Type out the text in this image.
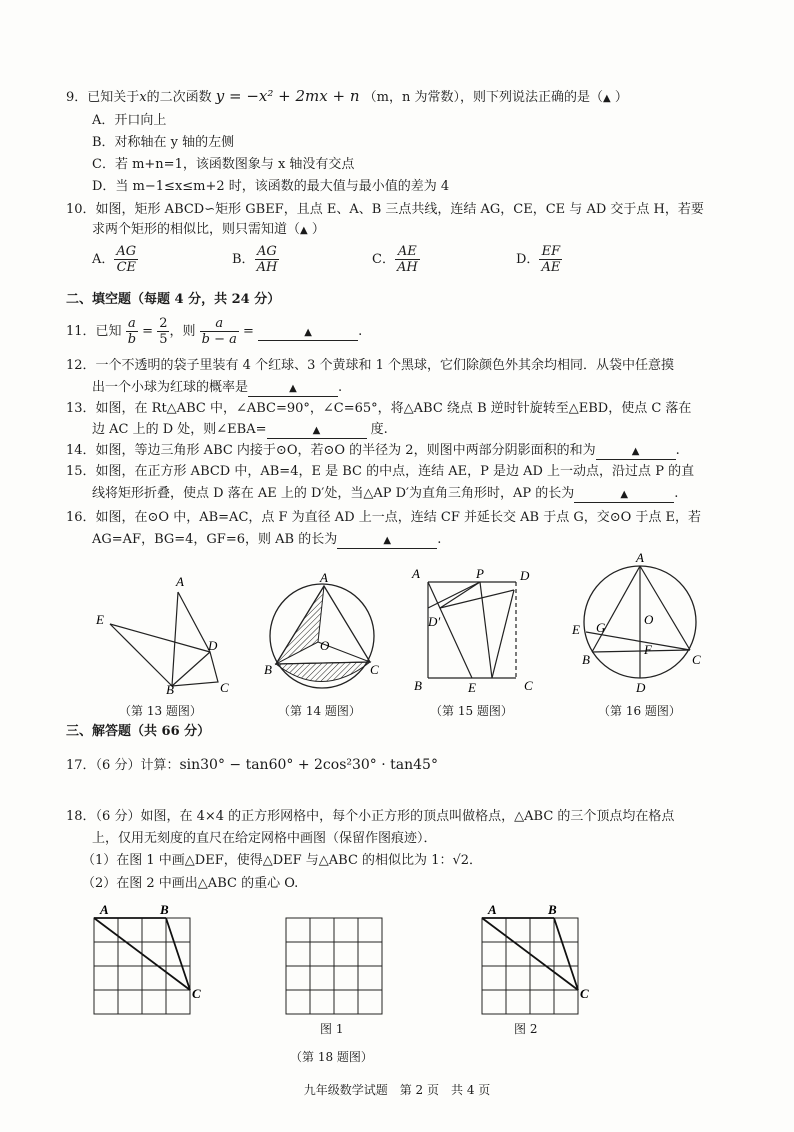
9．已知关于x的二次函数 y = −x² + 2mx + n （m，n 为常数），则下列说法正确的是（▲ ）
A．开口向上
B．对称轴在 y 轴的左侧
C．若 m+n=1，该函数图象与 x 轴没有交点
D．当 m−1≤x≤m+2 时，该函数的最大值与最小值的差为 4
10．如图，矩形 ABCD∽矩形 GBEF，且点 E、A、B 三点共线，连结 AG，CE，CE 与 AD 交于点 H，若要
求两个矩形的相似比，则只需知道（▲ ）
A． $\frac{AG}{CE}$	B． $\frac{AG}{AH}$	C． $\frac{AE}{AH}$	D． $\frac{EF}{AE}$
二、填空题（每题 4 分，共 24 分）
11．已知 $\frac{a}{b} = \frac{2}{5}$ ，则 $\frac{a}{b - a}$ =	▲	.
12．一个不透明的袋子里装有 4 个红球、3 个黄球和 1 个黑球，它们除颜色外其余均相同．从袋中任意摸
出一个小球为红球的概率是	▲	.
13．如图，在 Rt△ABC 中，∠ABC=90°，∠C=65°，将△ABC 绕点 B 逆时针旋转至△EBD，使点 C 落在
边 AC 上的 D 处，则∠EBA=	▲	度.
14．如图，等边三角形 ABC 内接于⊙O，若⊙O 的半径为 2，则图中两部分阴影面积的和为	▲	.
15．如图，在正方形 ABCD 中，AB=4，E 是 BC 的中点，连结 AE，P 是边 AD 上一动点，沿过点 P 的直
线将矩形折叠，使点 D 落在 AE 上的 D′处，当△AP D′为直角三角形时，AP 的长为	▲	.
16．如图，在⊙O 中，AB=AC，点 F 为直径 AD 上一点，连结 CF 并延长交 AB 于点 G，交⊙O 于点 E，若
AG=AF，BG=4，GF=6，则 AB 的长为	▲	.
A
E
D
B	C
（第 13 题图）
A
O
B	C
（第 14 题图）
A	P	D
D′
B	E	C
（第 15 题图）
A
O
E G
B
F
C
D
（第 16 题图）
三、解答题（共 66 分）
17．（6 分）计算：sin30° − tan60° + 2cos²30° · tan45°
18．（6 分）如图，在 4×4 的正方形网格中，每个小正方形的顶点叫做格点，△ABC 的三个顶点均在格点
上，仅用无刻度的直尺在给定网格中画图（保留作图痕迹）．
（1）在图 1 中画△DEF，使得△DEF 与△ABC 的相似比为 1：√2．
（2）在图 2 中画出△ABC 的重心 O.
A	B
C
图 1
A	B
C
图 2
（第 18 题图）
九年级数学试题　第 2 页　共 4 页
